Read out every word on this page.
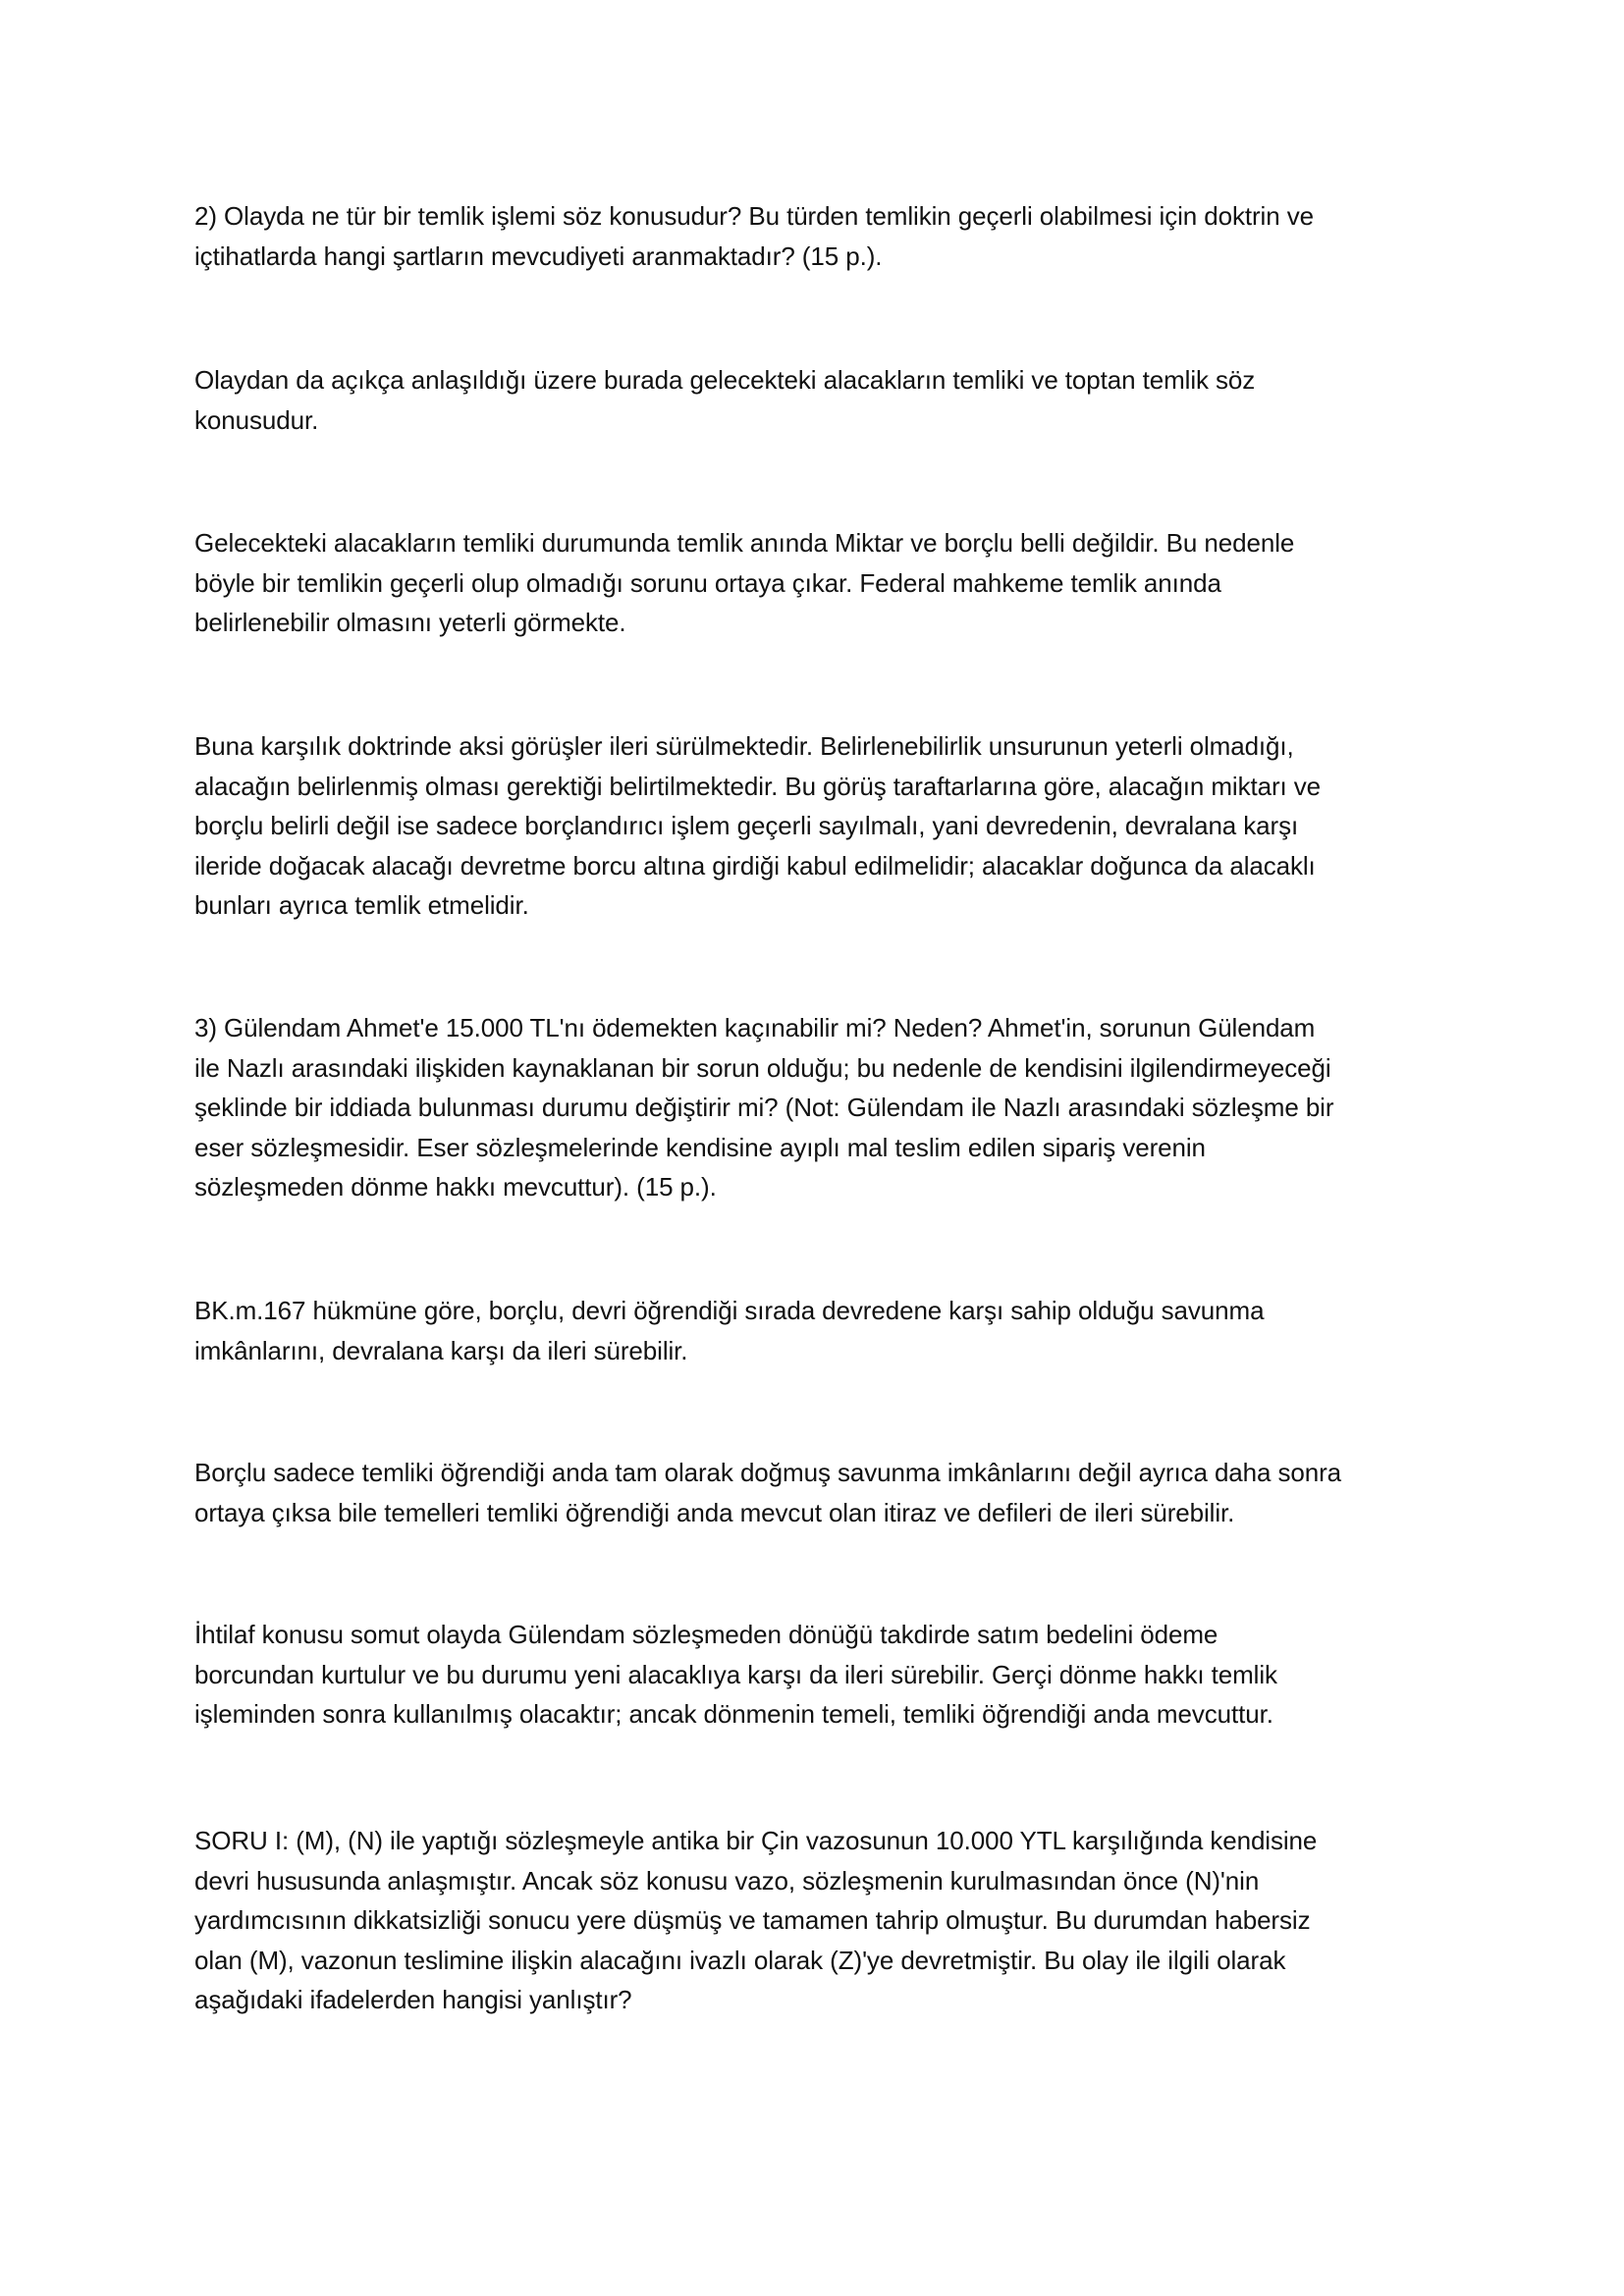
2) Olayda ne tür bir temlik işlemi söz konusudur? Bu türden temlikin geçerli olabilmesi için doktrin ve
içtihatlarda hangi şartların mevcudiyeti aranmaktadır? (15 p.).
Olaydan da açıkça anlaşıldığı üzere burada gelecekteki alacakların temliki ve toptan temlik söz
konusudur.
Gelecekteki alacakların temliki durumunda temlik anında Miktar ve borçlu belli değildir. Bu nedenle
böyle bir temlikin geçerli olup olmadığı sorunu ortaya çıkar. Federal mahkeme temlik anında
belirlenebilir olmasını yeterli görmekte.
Buna karşılık doktrinde aksi görüşler ileri sürülmektedir. Belirlenebilirlik unsurunun yeterli olmadığı,
alacağın belirlenmiş olması gerektiği belirtilmektedir. Bu görüş taraftarlarına göre, alacağın miktarı ve
borçlu belirli değil ise sadece borçlandırıcı işlem geçerli sayılmalı, yani devredenin, devralana karşı
ileride doğacak alacağı devretme borcu altına girdiği kabul edilmelidir; alacaklar doğunca da alacaklı
bunları ayrıca temlik etmelidir.
3) Gülendam Ahmet'e 15.000 TL'nı ödemekten kaçınabilir mi? Neden? Ahmet'in, sorunun Gülendam
ile Nazlı arasındaki ilişkiden kaynaklanan bir sorun olduğu; bu nedenle de kendisini ilgilendirmeyeceği
şeklinde bir iddiada bulunması durumu değiştirir mi? (Not: Gülendam ile Nazlı arasındaki sözleşme bir
eser sözleşmesidir. Eser sözleşmelerinde kendisine ayıplı mal teslim edilen sipariş verenin
sözleşmeden dönme hakkı mevcuttur). (15 p.).
BK.m.167 hükmüne göre, borçlu, devri öğrendiği sırada devredene karşı sahip olduğu savunma
imkânlarını, devralana karşı da ileri sürebilir.
Borçlu sadece temliki öğrendiği anda tam olarak doğmuş savunma imkânlarını değil ayrıca daha sonra
ortaya çıksa bile temelleri temliki öğrendiği anda mevcut olan itiraz ve defileri de ileri sürebilir.
İhtilaf konusu somut olayda Gülendam sözleşmeden dönüğü takdirde satım bedelini ödeme
borcundan kurtulur ve bu durumu yeni alacaklıya karşı da ileri sürebilir. Gerçi dönme hakkı temlik
işleminden sonra kullanılmış olacaktır; ancak dönmenin temeli, temliki öğrendiği anda mevcuttur.
SORU I: (M), (N) ile yaptığı sözleşmeyle antika bir Çin vazosunun 10.000 YTL karşılığında kendisine
devri hususunda anlaşmıştır. Ancak söz konusu vazo, sözleşmenin kurulmasından önce (N)'nin
yardımcısının dikkatsizliği sonucu yere düşmüş ve tamamen tahrip olmuştur. Bu durumdan habersiz
olan (M), vazonun teslimine ilişkin alacağını ivazlı olarak (Z)'ye devretmiştir. Bu olay ile ilgili olarak
aşağıdaki ifadelerden hangisi yanlıştır?
